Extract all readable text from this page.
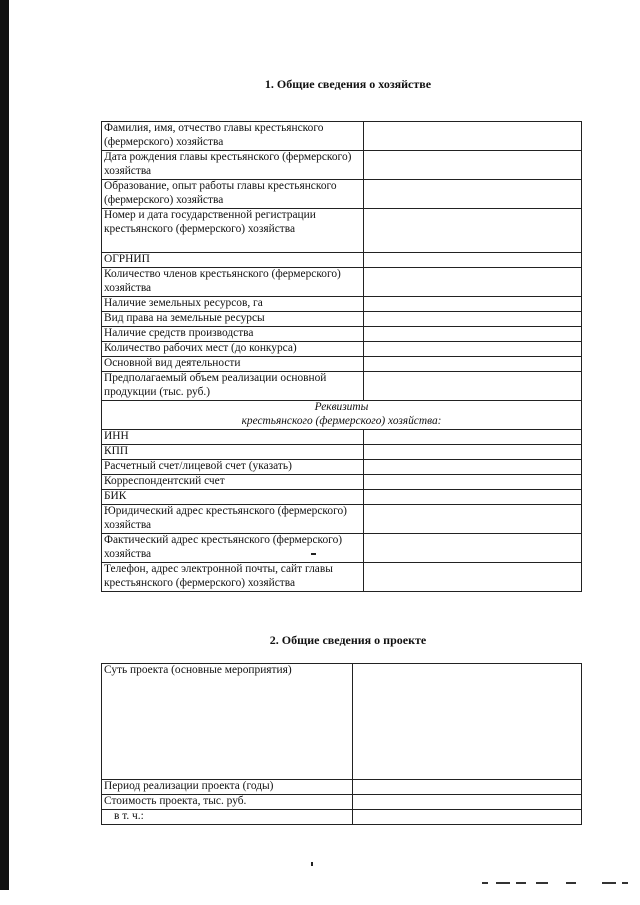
1. Общие сведения о хозяйстве
Фамилия, имя, отчество главы крестьянского (фермерского) хозяйства	
Дата рождения главы крестьянского (фермерского) хозяйства	
Образование, опыт работы главы крестьянского (фермерского) хозяйства	
Номер и дата государственной регистрации крестьянского (фермерского) хозяйства	
ОГРНИП	
Количество членов крестьянского (фермерского) хозяйства	
Наличие земельных ресурсов, га	
Вид права на земельные ресурсы	
Наличие средств производства	
Количество рабочих мест (до конкурса)	
Основной вид деятельности	
Предполагаемый объем реализации основной продукции (тыс. руб.)	

Реквизиты
крестьянского (фермерского) хозяйства:	

ИНН	
КПП	
Расчетный счет/лицевой счет (указать)	
Корреспондентский счет	
БИК	
Юридический адрес крестьянского (фермерского) хозяйства	
Фактический адрес крестьянского (фермерского) хозяйства	
Телефон, адрес электронной почты, сайт главы крестьянского (фермерского) хозяйства	
2. Общие сведения о проекте
Суть проекта (основные мероприятия)	
Период реализации проекта (годы)	
Стоимость проекта, тыс. руб.	
в т. ч.:	
